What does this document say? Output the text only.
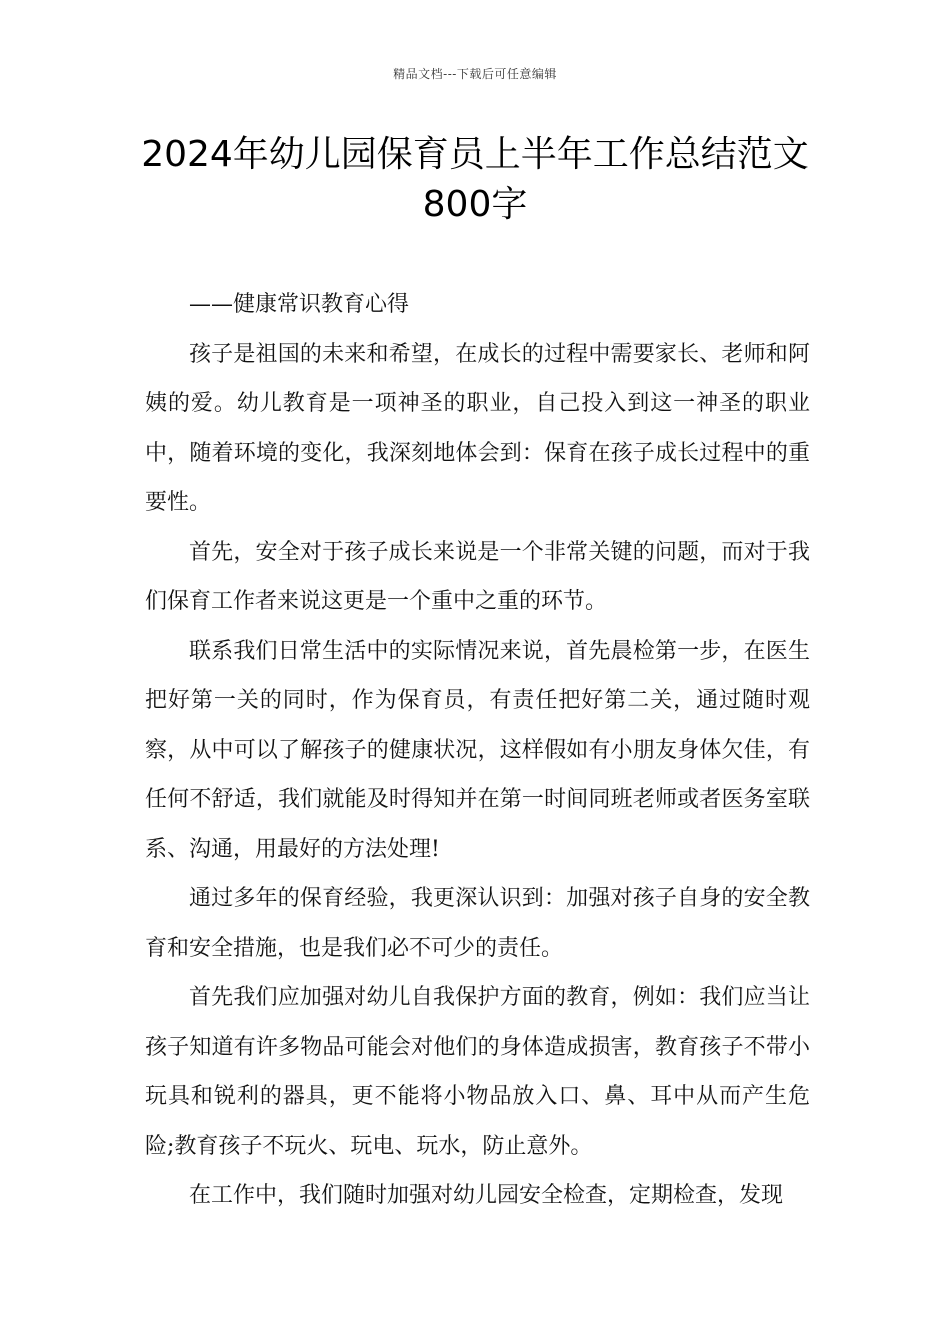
精品文档---下载后可任意编辑
2024年幼儿园保育员上半年工作总结范文800字

——健康常识教育心得

孩子是祖国的未来和希望，在成长的过程中需要家长、老师和阿姨的爱。幼儿教育是一项神圣的职业，自己投入到这一神圣的职业中，随着环境的变化，我深刻地体会到：保育在孩子成长过程中的重要性。

首先，安全对于孩子成长来说是一个非常关键的问题，而对于我们保育工作者来说这更是一个重中之重的环节。

联系我们日常生活中的实际情况来说，首先晨检第一步，在医生把好第一关的同时，作为保育员，有责任把好第二关，通过随时观察，从中可以了解孩子的健康状况，这样假如有小朋友身体欠佳，有任何不舒适，我们就能及时得知并在第一时间同班老师或者医务室联系、沟通，用最好的方法处理!

通过多年的保育经验，我更深认识到：加强对孩子自身的安全教育和安全措施，也是我们必不可少的责任。

首先我们应加强对幼儿自我保护方面的教育，例如：我们应当让孩子知道有许多物品可能会对他们的身体造成损害，教育孩子不带小玩具和锐利的器具，更不能将小物品放入口、鼻、耳中从而产生危险;教育孩子不玩火、玩电、玩水，防止意外。

在工作中，我们随时加强对幼儿园安全检查，定期检查，发现
